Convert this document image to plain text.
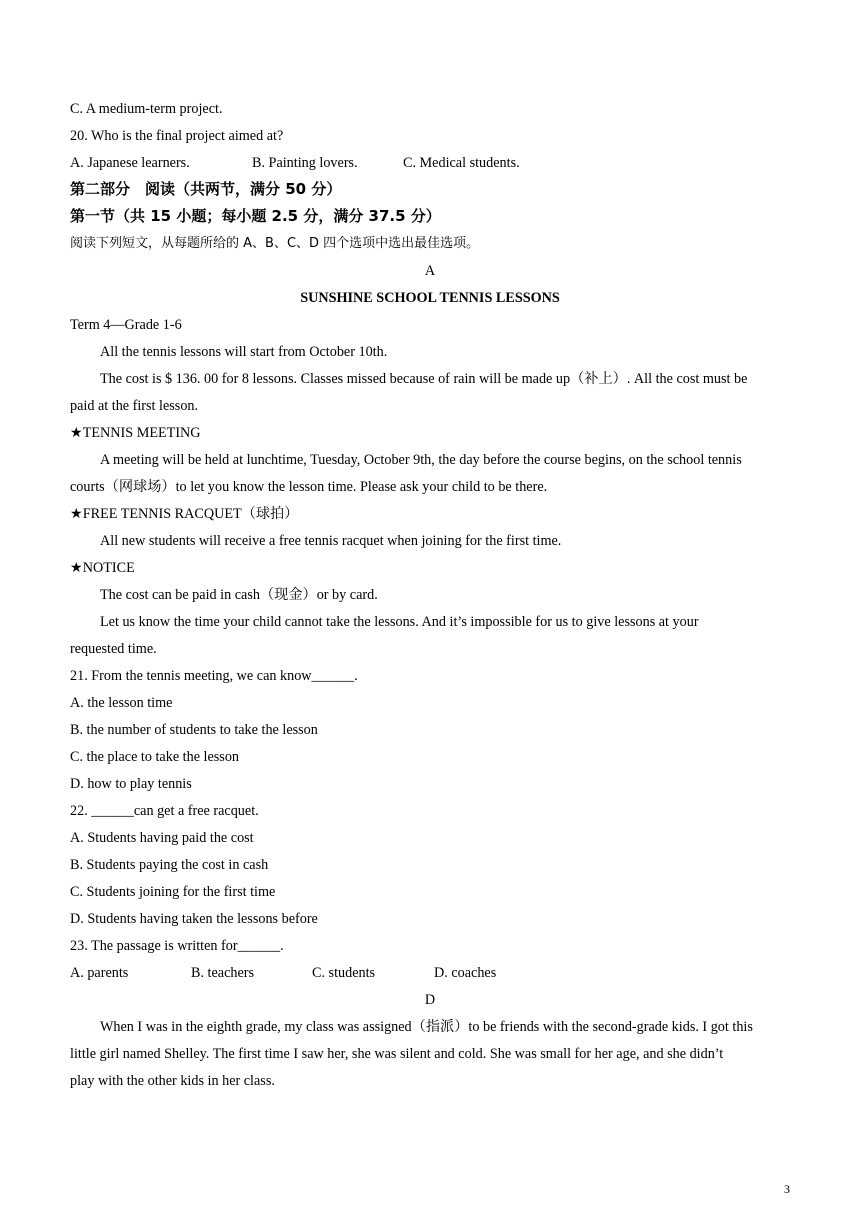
C. A medium-term project.
20. Who is the final project aimed at?
A. Japanese learners.	B. Painting lovers.	C. Medical students.
第二部分　阅读（共两节，满分 50 分）
第一节（共 15 小题；每小题 2.5 分，满分 37.5 分）
阅读下列短文，从每题所给的 A、B、C、D 四个选项中选出最佳选项。
A
SUNSHINE SCHOOL TENNIS LESSONS
Term 4—Grade 1-6
All the tennis lessons will start from October 10th.
The cost is $ 136. 00 for 8 lessons. Classes missed because of rain will be made up（补上）. All the cost must be
paid at the first lesson.
★TENNIS MEETING
A meeting will be held at lunchtime, Tuesday, October 9th, the day before the course begins, on the school tennis
courts（网球场）to let you know the lesson time. Please ask your child to be there.
★FREE TENNIS RACQUET（球拍）
All new students will receive a free tennis racquet when joining for the first time.
★NOTICE
The cost can be paid in cash（现金）or by card.
Let us know the time your child cannot take the lessons. And it’s impossible for us to give lessons at your
requested time.
21. From the tennis meeting, we can know______.
A. the lesson time
B. the number of students to take the lesson
C. the place to take the lesson
D. how to play tennis
22. ______can get a free racquet.
A. Students having paid the cost
B. Students paying the cost in cash
C. Students joining for the first time
D. Students having taken the lessons before
23. The passage is written for______.
A. parents	B. teachers	C. students	D. coaches
D
When I was in the eighth grade, my class was assigned（指派）to be friends with the second-grade kids. I got this
little girl named Shelley. The first time I saw her, she was silent and cold. She was small for her age, and she didn’t
play with the other kids in her class.
3
